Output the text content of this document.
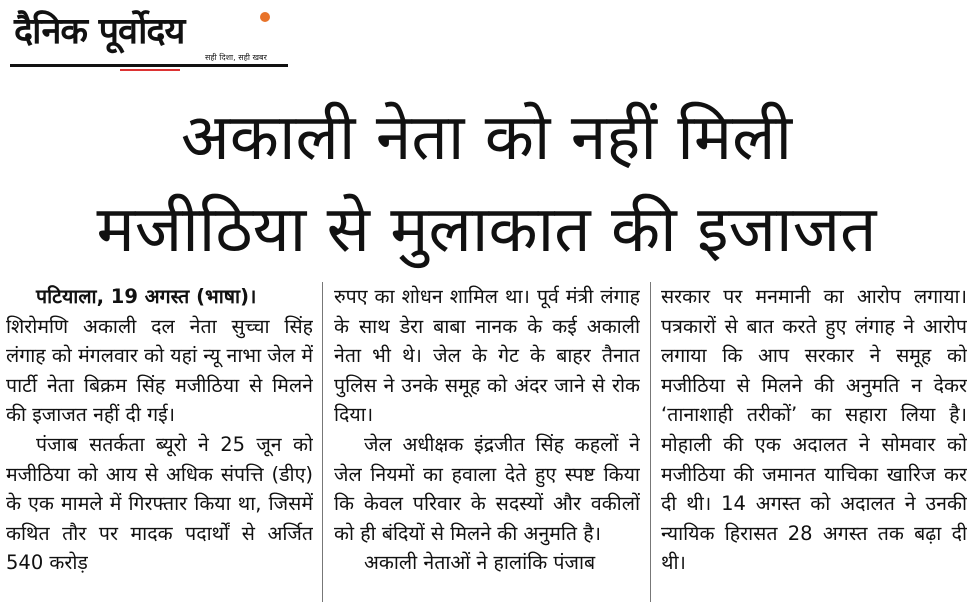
दैनिक पूर्वोदय
सही दिशा, सही खबर
अकाली नेता को नहीं मिली
मजीठिया से मुलाकात की इजाजत

पटियाला, 19 अगस्त (भाषा)।

शिरोमणि अकाली दल नेता सुच्चा सिंह लंगाह को मंगलवार को यहां न्यू नाभा जेल में पार्टी नेता बिक्रम सिंह मजीठिया से मिलने की इजाजत नहीं दी गई।

पंजाब सतर्कता ब्यूरो ने 25 जून को मजीठिया को आय से अधिक संपत्ति (डीए) के एक मामले में गिरफ्तार किया था, जिसमें कथित तौर पर मादक पदार्थों से अर्जित 540 करोड़

रुपए का शोधन शामिल था। पूर्व मंत्री लंगाह के साथ डेरा बाबा नानक के कई अकाली नेता भी थे। जेल के गेट के बाहर तैनात पुलिस ने उनके समूह को अंदर जाने से रोक दिया।

जेल अधीक्षक इंद्रजीत सिंह कहलों ने जेल नियमों का हवाला देते हुए स्पष्ट किया कि केवल परिवार के सदस्यों और वकीलों को ही बंदियों से मिलने की अनुमति है।

अकाली नेताओं ने हालांकि पंजाब

सरकार पर मनमानी का आरोप लगाया। पत्रकारों से बात करते हुए लंगाह ने आरोप लगाया कि आप सरकार ने समूह को मजीठिया से मिलने की अनुमति न देकर ‘तानाशाही तरीकों’ का सहारा लिया है। मोहाली की एक अदालत ने सोमवार को मजीठिया की जमानत याचिका खारिज कर दी थी। 14 अगस्त को अदालत ने उनकी न्यायिक हिरासत 28 अगस्त तक बढ़ा दी थी।
